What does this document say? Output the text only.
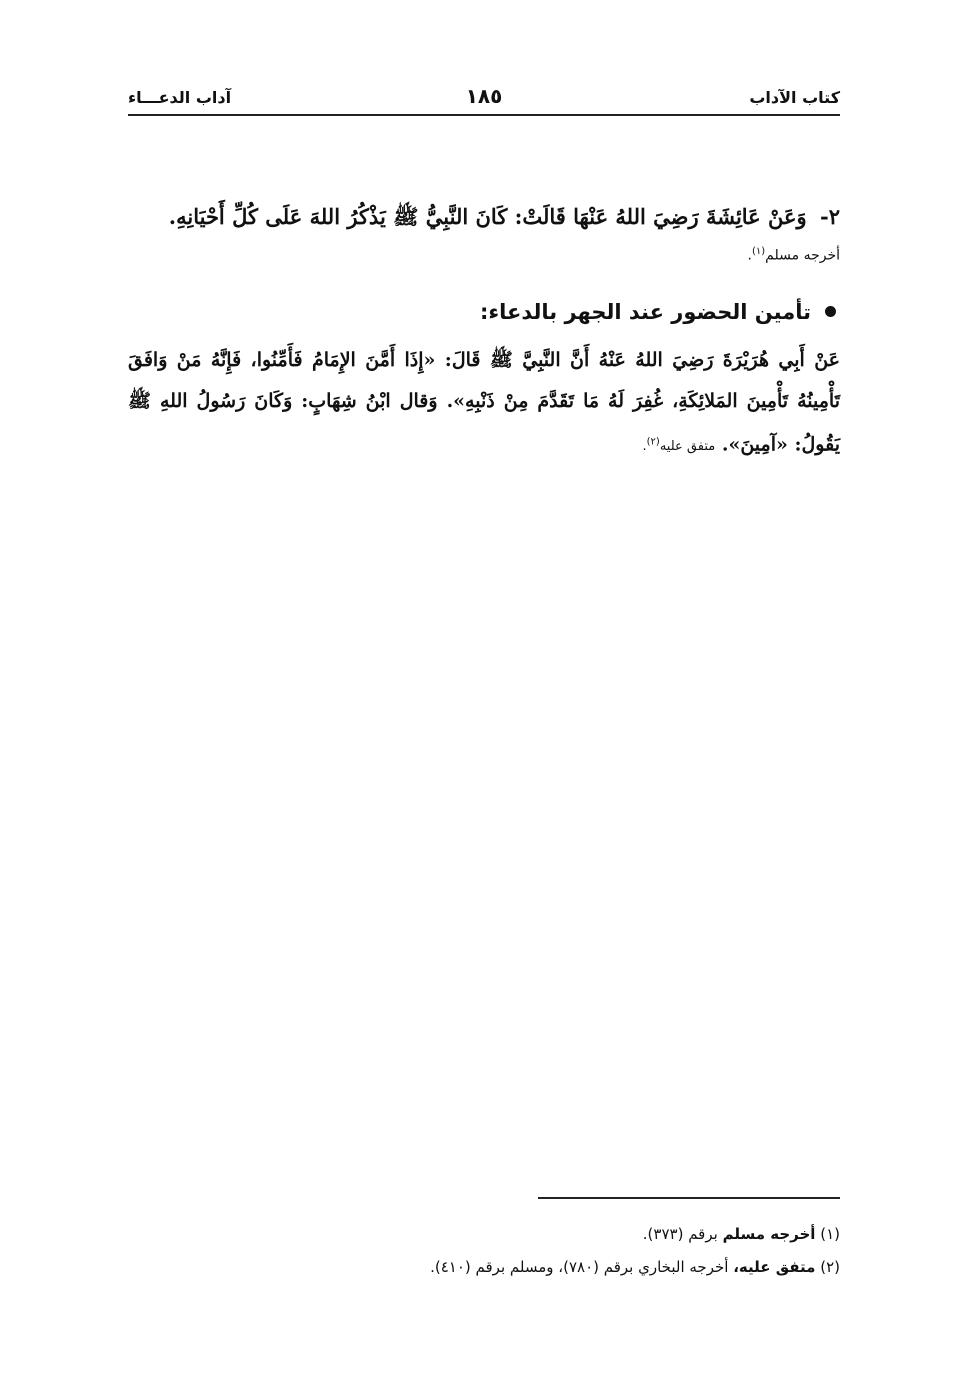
كتاب الآداب
١٨٥
آداب الدعـــاء
٢- وَعَنْ عَائِشَةَ رَضِيَ اللهُ عَنْهَا قَالَتْ: كَانَ النَّبِيُّ ﷺ يَذْكُرُ اللهَ عَلَى كُلِّ أَحْيَانِهِ.
أخرجه مسلم$^{(١)}$.
تأمين الحضور عند الجهر بالدعاء:
عَنْ أَبِي هُرَيْرَةَ رَضِيَ اللهُ عَنْهُ أَنَّ النَّبِيَّ ﷺ قَالَ: «إِذَا أَمَّنَ الإِمَامُ فَأَمِّنُوا، فَإِنَّهُ مَنْ وَافَقَ تَأْمِينُهُ تَأْمِينَ المَلائِكَةِ، غُفِرَ لَهُ مَا تَقَدَّمَ مِنْ ذَنْبِهِ». وَقال ابْنُ شِهَابٍ: وَكَانَ رَسُولُ اللهِ ﷺ يَقُولُ: «آمِينَ». متفق عليه$^{(٢)}$.
(١) أخرجه مسلم برقم (٣٧٣).
(٢) متفق عليه، أخرجه البخاري برقم (٧٨٠)، ومسلم برقم (٤١٠).
